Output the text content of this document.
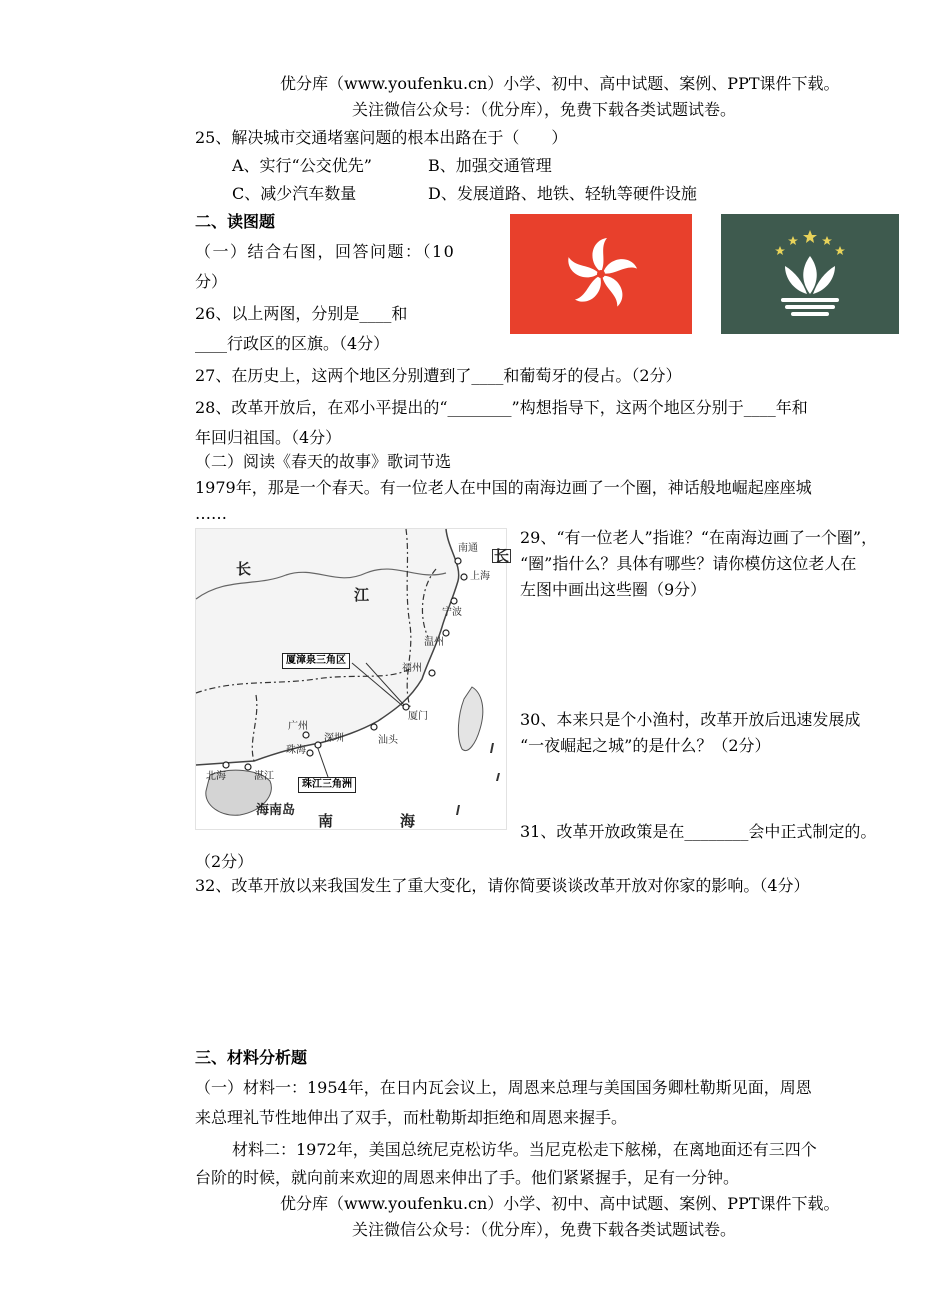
优分库（www.youfenku.cn）小学、初中、高中试题、案例、PPT课件下载。
关注微信公众号：（优分库），免费下载各类试题试卷。
25、解决城市交通堵塞问题的根本出路在于（　　）
A、实行“公交优先”	B、加强交通管理
C、减少汽车数量	D、发展道路、地铁、轻轨等硬件设施
二、读图题
（一）结合右图，回答问题：（10
分）
26、以上两图，分别是____和
____行政区的区旗。（4分）
27、在历史上，这两个地区分别遭到了____和葡萄牙的侵占。（2分）
28、改革开放后，在邓小平提出的“________”构想指导下，这两个地区分别于____年和
年回归祖国。（4分）
（二）阅读《春天的故事》歌词节选
1979年，那是一个春天。有一位老人在中国的南海边画了一个圈，神话般地崛起座座城
……
长
江
南通
上海
宁波
温州
福州
厦门
汕头
广州
深圳
珠海
湛江
北海
厦漳泉三角区
珠江三角洲
海南岛
南	海
长
29、“有一位老人”指谁？“在南海边画了一个圈”，
“圈”指什么？具体有哪些？请你模仿这位老人在
左图中画出这些圈（9分）
30、本来只是个小渔村，改革开放后迅速发展成
“一夜崛起之城”的是什么？（2分）
31、改革开放政策是在________会中正式制定的。
（2分）
32、改革开放以来我国发生了重大变化，请你简要谈谈改革开放对你家的影响。（4分）
三、材料分析题
（一）材料一：1954年，在日内瓦会议上，周恩来总理与美国国务卿杜勒斯见面，周恩
来总理礼节性地伸出了双手，而杜勒斯却拒绝和周恩来握手。
材料二：1972年，美国总统尼克松访华。当尼克松走下舷梯，在离地面还有三四个
台阶的时候，就向前来欢迎的周恩来伸出了手。他们紧紧握手，足有一分钟。
优分库（www.youfenku.cn）小学、初中、高中试题、案例、PPT课件下载。
关注微信公众号：（优分库），免费下载各类试题试卷。
